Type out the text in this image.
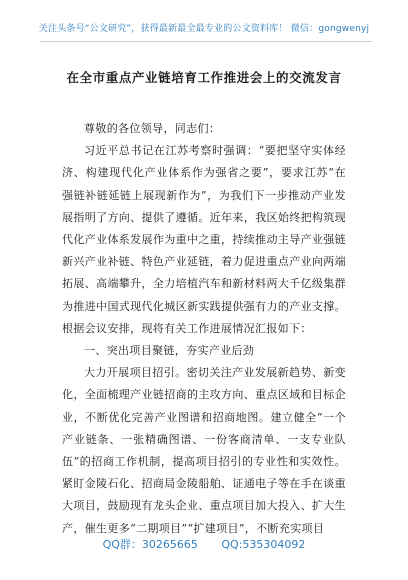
关注头条号“公文研究”，获得最新最全最专业的公文资料库！ 微信：gongwenyj
在全市重点产业链培育工作推进会上的交流发言

尊敬的各位领导，同志们：

习近平总书记在江苏考察时强调：“要把坚守实体经济、构建现代化产业体系作为强省之要”，要求江苏“在强链补链延链上展现新作为”，为我们下一步推动产业发展指明了方向、提供了遵循。近年来，我区始终把构筑现代化产业体系发展作为重中之重，持续推动主导产业强链新兴产业补链、特色产业延链，着力促进重点产业向两端拓展、高端攀升，全力培植汽车和新材料两大千亿级集群为推进中国式现代化城区新实践提供强有力的产业支撑。根据会议安排，现将有关工作进展情况汇报如下：

一、突出项目聚链，夯实产业后劲

大力开展项目招引。密切关注产业发展新趋势、新变化，全面梳理产业链招商的主攻方向、重点区域和目标企业，不断优化完善产业图谱和招商地图。建立健全“一个产业链条、一张精确图谱、一份客商清单、一支专业队伍”的招商工作机制，提高项目招引的专业性和实效性。紧盯金陵石化、招商局金陵船舶、证通电子等在手在谈重大项目，鼓励现有龙头企业、重点项目加大投入、扩大生产，催生更多“二期项目”“扩建项目”，不断充实项目

QQ群：30265665 QQ:535304092
